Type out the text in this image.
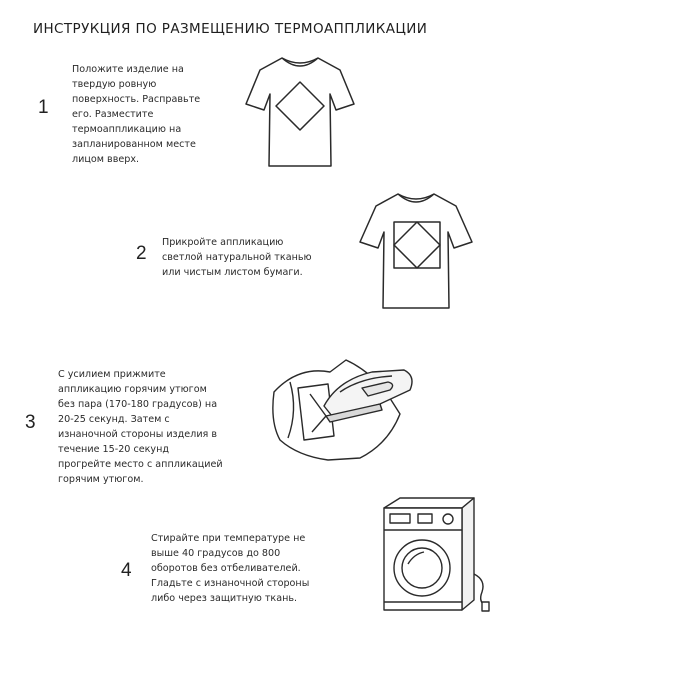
ИНСТРУКЦИЯ ПО РАЗМЕЩЕНИЮ ТЕРМОАППЛИКАЦИИ
1
Положите изделие на
твердую ровную
поверхность. Расправьте
его. Разместите
термоаппликацию на
запланированном месте
лицом вверх.
2
Прикройте аппликацию
светлой натуральной тканью
или чистым листом бумаги.
3
С усилием прижмите
аппликацию горячим утюгом
без пара (170-180 градусов) на
20-25 секунд. Затем с
изнаночной стороны изделия в
течение 15-20 секунд
прогрейте место с аппликацией
горячим утюгом.
4
Стирайте при температуре не
выше 40 градусов до 800
оборотов без отбеливателей.
Гладьте с изнаночной стороны
либо через защитную ткань.
